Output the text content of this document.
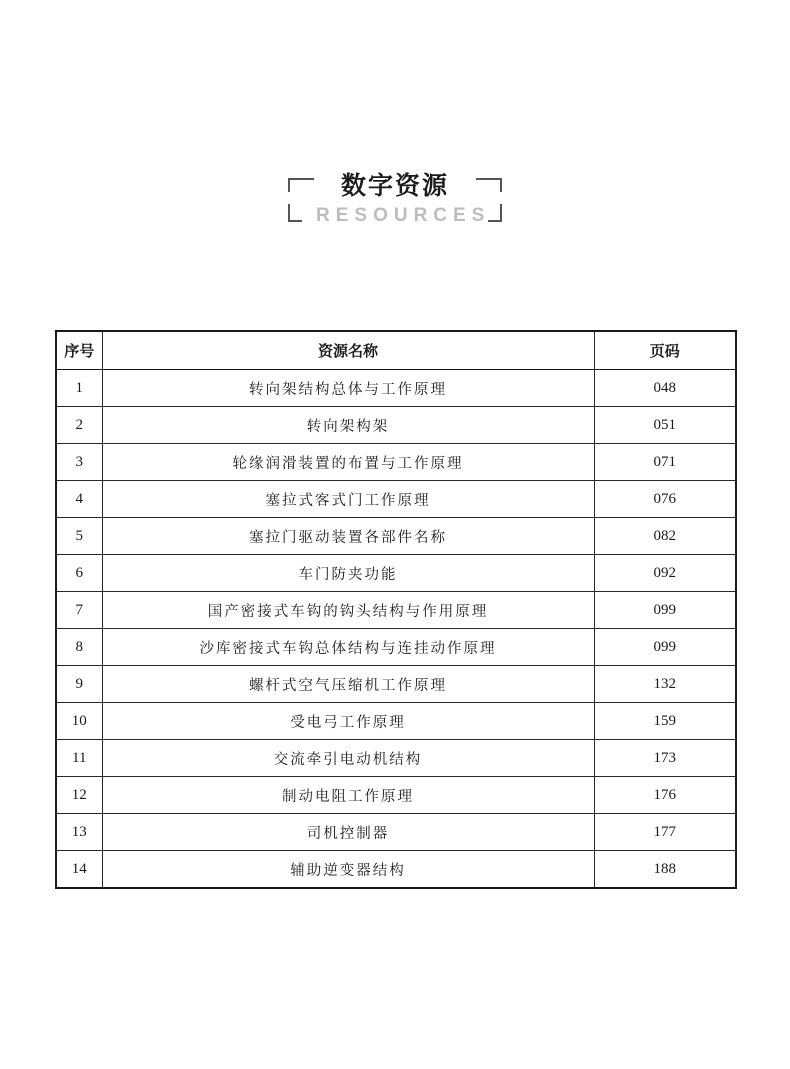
数字资源
RESOURCES
序号	资源名称	页码
1	转向架结构总体与工作原理	048
2	转向架构架	051
3	轮缘润滑装置的布置与工作原理	071
4	塞拉式客式门工作原理	076
5	塞拉门驱动装置各部件名称	082
6	车门防夹功能	092
7	国产密接式车钩的钩头结构与作用原理	099
8	沙库密接式车钩总体结构与连挂动作原理	099
9	螺杆式空气压缩机工作原理	132
10	受电弓工作原理	159
11	交流牵引电动机结构	173
12	制动电阻工作原理	176
13	司机控制器	177
14	辅助逆变器结构	188
